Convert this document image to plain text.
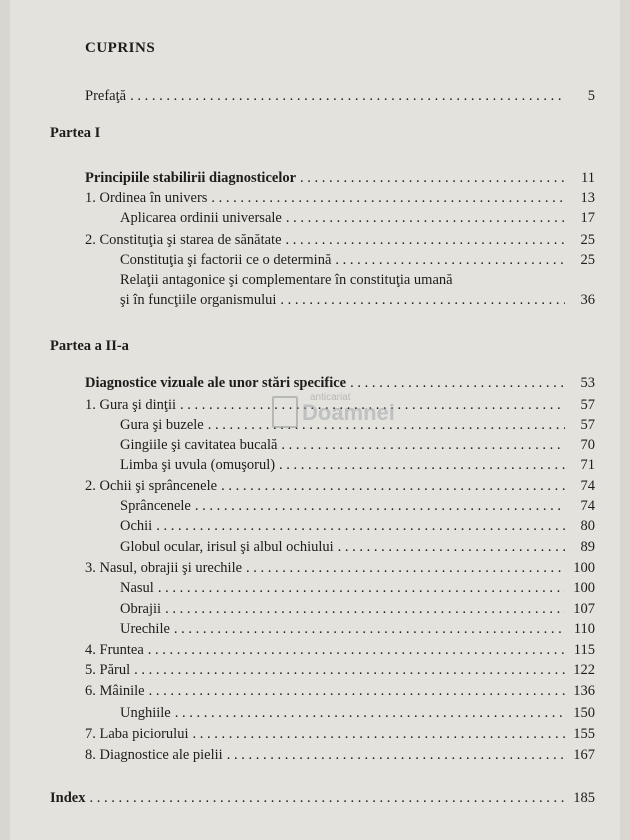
CUPRINS
Prefaţă . . .	5
Partea I
Principiile stabilirii diagnosticelor . . .	11
1. Ordinea în univers . . .	13
Aplicarea ordinii universale . . .	17
2. Constituţia şi starea de sănătate . . .	25
Constituţia şi factorii ce o determină . . .	25
Relaţii antagonice şi complementare în constituţia umană
şi în funcţiile organismului . . .	36
Partea a II-a
Diagnostice vizuale ale unor stări specifice . . .	53
1. Gura şi dinţii . . .	57
Gura şi buzele . . .	57
Gingiile şi cavitatea bucală . . .	70
Limba şi uvula (omuşorul) . . .	71
2. Ochii şi sprâncenele . . .	74
Sprâncenele . . .	74
Ochii . . .	80
Globul ocular, irisul şi albul ochiului . . .	89
3. Nasul, obrajii şi urechile . . .	100
Nasul . . .	100
Obrajii . . .	107
Urechile . . .	110
4. Fruntea . . .	115
5. Părul . . .	122
6. Mâinile . . .	136
Unghiile . . .	150
7. Laba piciorului . . .	155
8. Diagnostice ale pielii . . .	167
Index . . .	185
anticariat
Doamnei
